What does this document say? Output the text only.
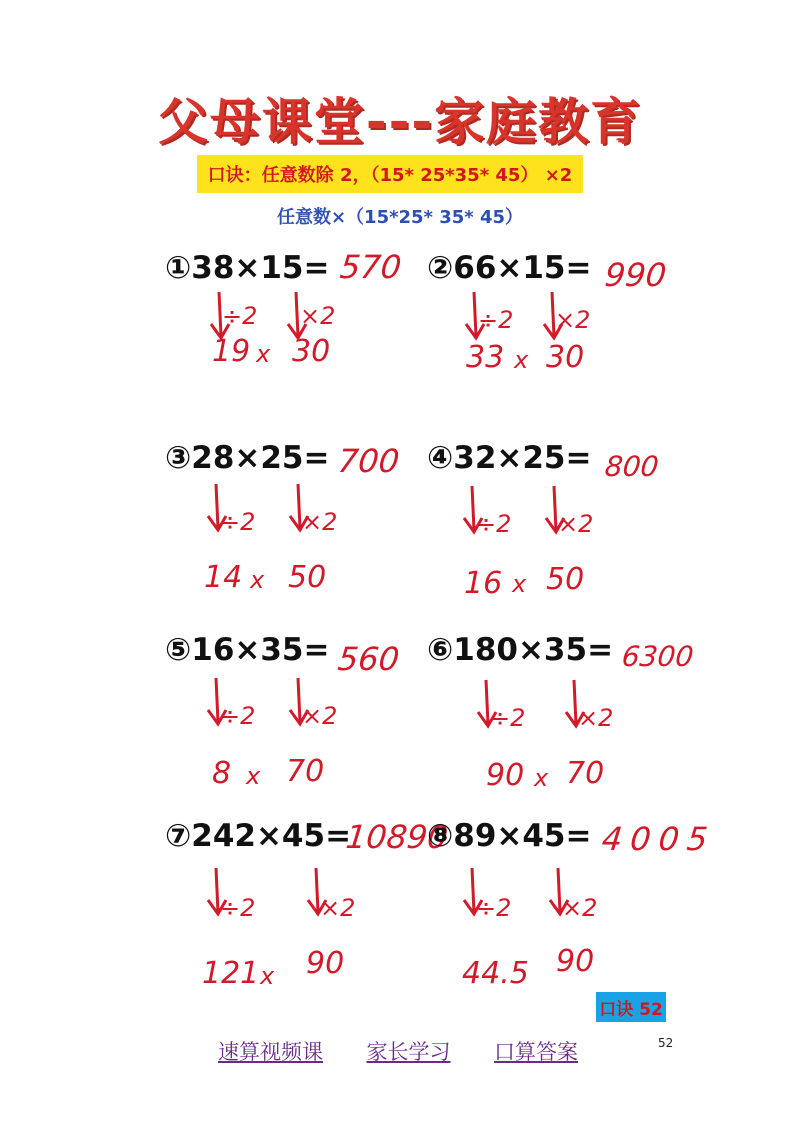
父母课堂---家庭教育
口诀：任意数除 2，（15* 25*35* 45） ×2
任意数×（15*25* 35* 45）
①38×15= 570
÷2 ×2
19 x 30
②66×15= 990
÷2 ×2
33 x 30
③28×25= 700
÷2 ×2
14 x 50
④32×25= 800
÷2 ×2
16 x 50
⑤16×35= 560
÷2 ×2
8 x 70
⑥180×35= 6300
÷2 ×2
90 x 70
⑦242×45=
10890
÷2	×2
121 x 90
⑧89×45= 4005
÷2 ×2
44.5 90
口诀 52
速算视频课 家长学习 口算答案	52
